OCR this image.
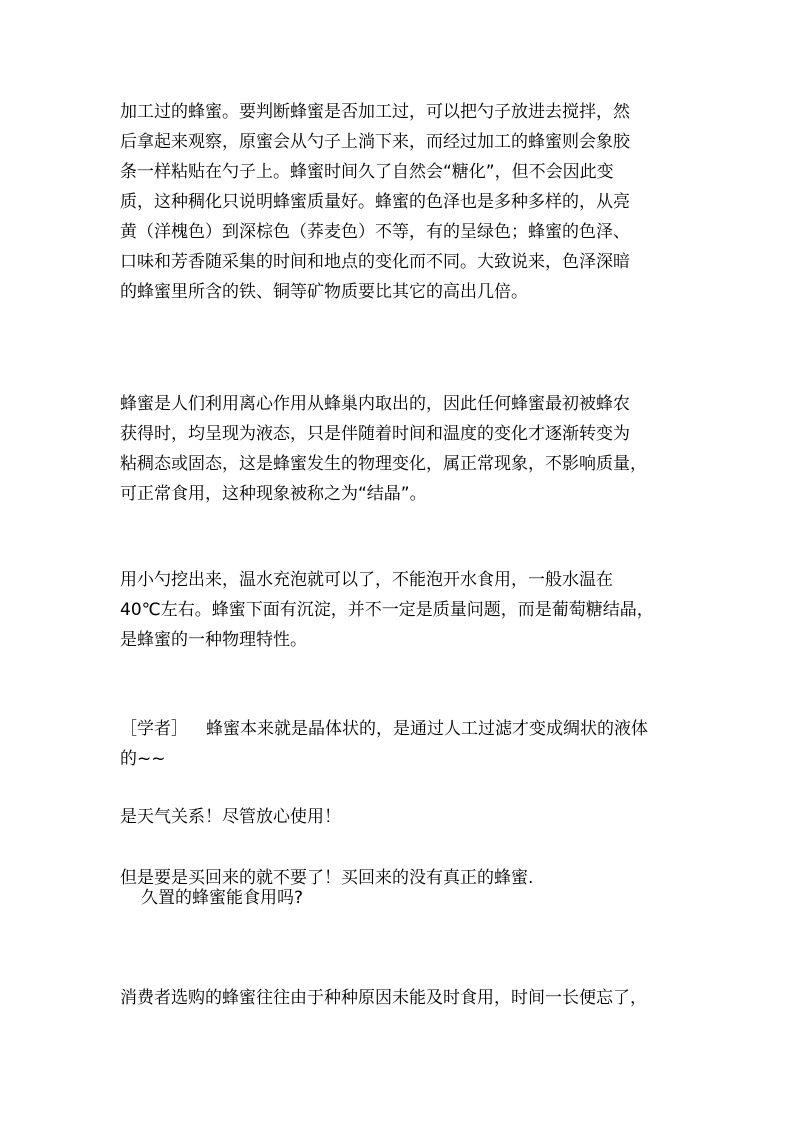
加工过的蜂蜜。要判断蜂蜜是否加工过，可以把勺子放进去搅拌，然
后拿起来观察，原蜜会从勺子上淌下来，而经过加工的蜂蜜则会象胶
条一样粘贴在勺子上。蜂蜜时间久了自然会“糖化”，但不会因此变
质，这种稠化只说明蜂蜜质量好。蜂蜜的色泽也是多种多样的，从亮
黄（洋槐色）到深棕色（荞麦色）不等，有的呈绿色；蜂蜜的色泽、
口味和芳香随采集的时间和地点的变化而不同。大致说来，色泽深暗
的蜂蜜里所含的铁、铜等矿物质要比其它的高出几倍。

蜂蜜是人们利用离心作用从蜂巢内取出的，因此任何蜂蜜最初被蜂农
获得时，均呈现为液态，只是伴随着时间和温度的变化才逐渐转变为
粘稠态或固态，这是蜂蜜发生的物理变化，属正常现象，不影响质量，
可正常食用，这种现象被称之为“结晶”。

用小勺挖出来，温水充泡就可以了，不能泡开水食用，一般水温在
40℃左右。蜂蜜下面有沉淀，并不一定是质量问题，而是葡萄糖结晶，
是蜂蜜的一种物理特性。

［学者］ 蜂蜜本来就是晶体状的，是通过人工过滤才变成绸状的液体
的~~

是天气关系！尽管放心使用！

但是要是买回来的就不要了！买回来的没有真正的蜂蜜.

久置的蜂蜜能食用吗?

消费者选购的蜂蜜往往由于种种原因未能及时食用，时间一长便忘了，
